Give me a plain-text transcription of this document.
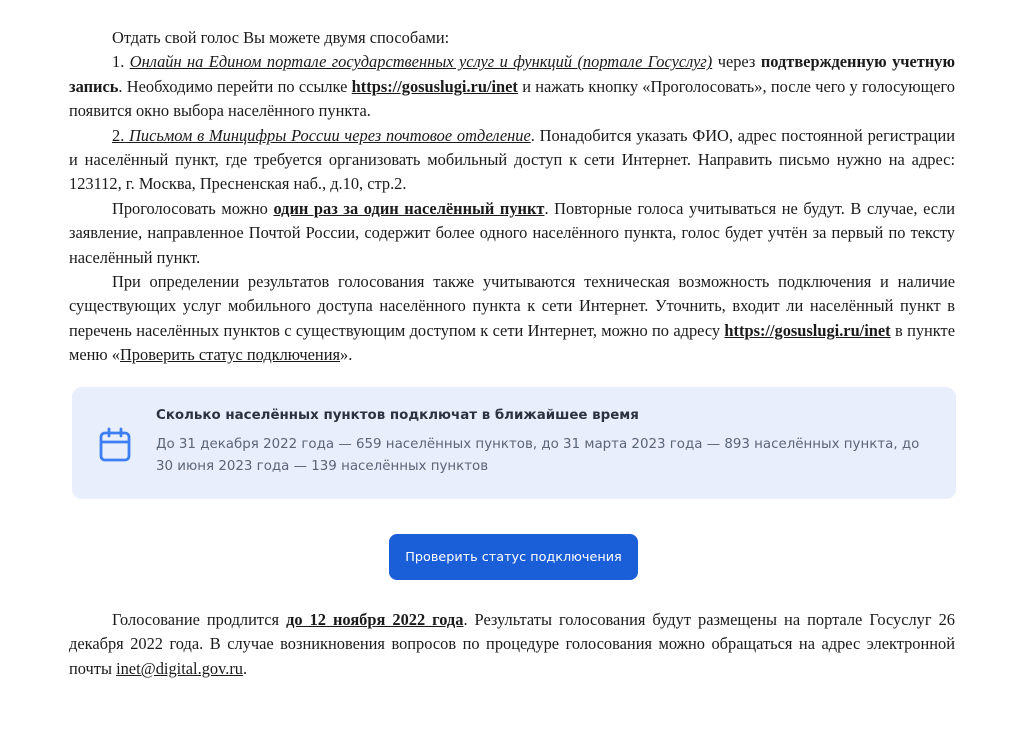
Отдать свой голос Вы можете двумя способами:

1. Онлайн на Едином портале государственных услуг и функций (портале Госуслуг) через подтвержденную учетную запись. Необходимо перейти по ссылке https://gosuslugi.ru/inet и нажать кнопку «Проголосовать», после чего у голосующего появится окно выбора населённого пункта.

2. Письмом в Минцифры России через почтовое отделение. Понадобится указать ФИО, адрес постоянной регистрации и населённый пункт, где требуется организовать мобильный доступ к сети Интернет. Направить письмо нужно на адрес: 123112, г. Москва, Пресненская наб., д.10, стр.2.

Проголосовать можно один раз за один населённый пункт. Повторные голоса учитываться не будут. В случае, если заявление, направленное Почтой России, содержит более одного населённого пункта, голос будет учтён за первый по тексту населённый пункт.

При определении результатов голосования также учитываются техническая возможность подключения и наличие существующих услуг мобильного доступа населённого пункта к сети Интернет. Уточнить, входит ли населённый пункт в перечень населённых пунктов с существующим доступом к сети Интернет, можно по адресу https://gosuslugi.ru/inet в пункте меню «Проверить статус подключения».

Сколько населённых пунктов подключат в ближайшее время
До 31 декабря 2022 года — 659 населённых пунктов, до 31 марта 2023 года — 893 населённых пункта, до 30 июня 2023 года — 139 населённых пунктов
Проверить статус подключения

Голосование продлится до 12 ноября 2022 года. Результаты голосования будут размещены на портале Госуслуг 26 декабря 2022 года. В случае возникновения вопросов по процедуре голосования можно обращаться на адрес электронной почты inet@digital.gov.ru.
